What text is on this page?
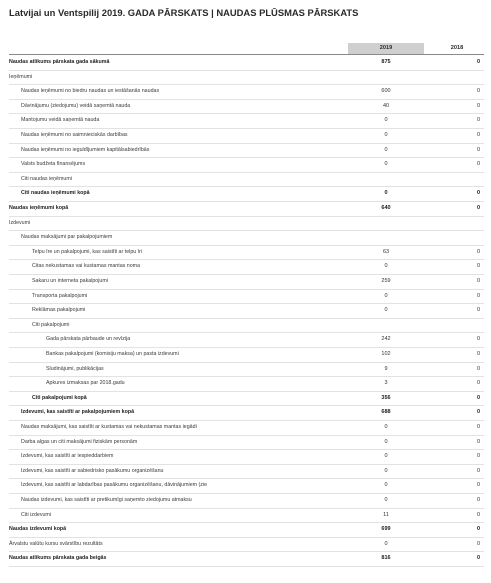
Latvijai un Ventspilij 2019. GADA PĀRSKATS | NAUDAS PLŪSMAS PĀRSKATS
2019	2018
Naudas atlikums pārskata gada sākumā	875	0
Ieņēmumi
Naudas ieņēmumi no biedru naudas un iestāšanās naudas	600	0
Dāvinājumu (ziedojumu) veidā saņemtā nauda	40	0
Mantojumu veidā saņemtā nauda	0	0
Naudas ieņēmumi no saimnieciskās darbības	0	0
Naudas ieņēmumi no ieguldījumiem kapitālsabiedrībās	0	0
Valsts budžeta finansējums	0	0
Citi naudas ieņēmumi
Citi naudas ieņēmumi kopā	0	0
Naudas ieņēmumi kopā	640	0
Izdevumi
Naudas maksājumi par pakalpojumiem
Telpu īre un pakalpojumi, kas saistīti ar telpu īri	63	0
Citas nekustamas vai kustamas mantas noma	0	0
Sakaru un interneta pakalpojumi	259	0
Transporta pakalpojumi	0	0
Reklāmas pakalpojumi	0	0
Citi pakalpojumi
Gada pārskata pārbaude un revīzija	242	0
Bankas pakalpojumi (komisiju maksa) un pasta izdevumi	102	0
Sludinājumi, publikācijas	9	0
Apkures izmaksas par 2018.gadu	3	0
Citi pakalpojumi kopā	356	0
Izdevumi, kas saistīti ar pakalpojumiem kopā	688	0
Naudas maksājumi, kas saistīti ar kustamas vai nekustamas mantas iegādi	0	0
Darba algas un citi maksājumi fiziskām personām	0	0
Izdevumi, kas saistīti ar iespieddarbiem	0	0
Izdevumi, kas saistīti ar sabiedrisko pasākumu organizēšanu	0	0
Izdevumi, kas saistīti ar labdarības pasākumu organizēšanu, dāvinājumiem (zie	0	0
Naudas izdevumi, kas saistīti ar pretikumīgi saņemto ziedojumu atmaksu	0	0
Citi izdevumi	11	0
Naudas izdevumi kopā	699	0
Ārvalstu valūtu kursu svārstību rezultāts	0	0
Naudas atlikums pārskata gada beigās	816	0
